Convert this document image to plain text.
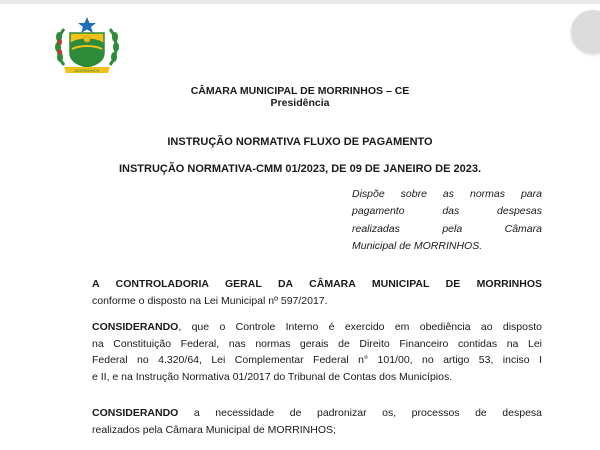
MORRINHOS
CÂMARA MUNICIPAL DE MORRINHOS – CE
Presidência
INSTRUÇÃO NORMATIVA FLUXO DE PAGAMENTO
INSTRUÇÃO NORMATIVA-CMM 01/2023, DE 09 DE JANEIRO DE 2023.
Dispõe sobre as normas para
pagamento das despesas
realizadas pela Câmara
Municipal de MORRINHOS.
A CONTROLADORIA GERAL DA CÂMARA MUNICIPAL DE MORRINHOS
conforme o disposto na Lei Municipal nº 597/2017.
CONSIDERANDO, que o Controle Interno é exercido em obediência ao disposto
na Constituição Federal, nas normas gerais de Direito Financeiro contidas na Lei
Federal no 4.320/64, Lei Complementar Federal n° 101/00, no artigo 53, inciso I
e II, e na Instrução Normativa 01/2017 do Tribunal de Contas dos Municípios.
CONSIDERANDO a necessidade de padronizar os, processos de despesa
realizados pela Câmara Municipal de MORRINHOS;
